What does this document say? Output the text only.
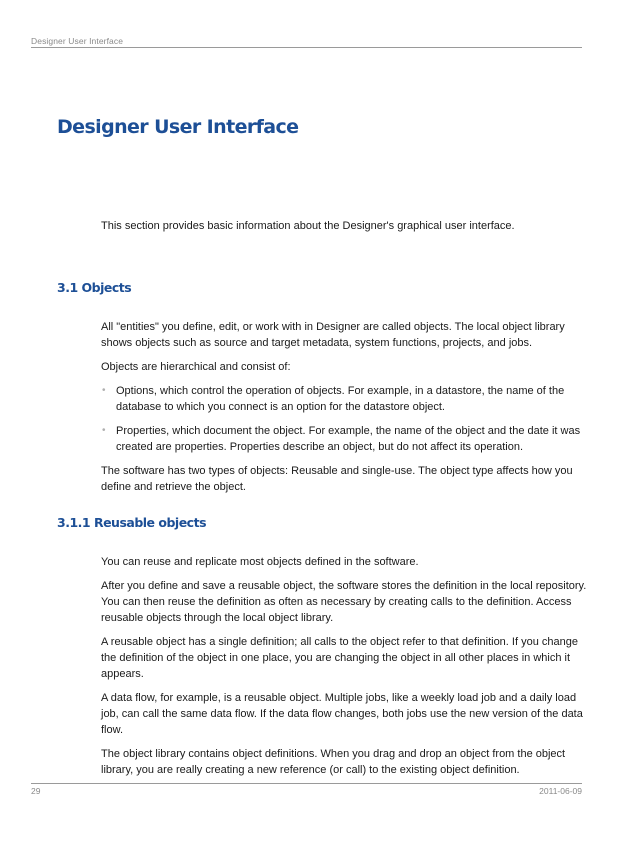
Designer User Interface
Designer User Interface

This section provides basic information about the Designer's graphical user interface.

3.1 Objects

All "entities" you define, edit, or work with in Designer are called objects. The local object library shows objects such as source and target metadata, system functions, projects, and jobs.

Objects are hierarchical and consist of:

• Options, which control the operation of objects. For example, in a datastore, the name of the database to which you connect is an option for the datastore object.
• Properties, which document the object. For example, the name of the object and the date it was created are properties. Properties describe an object, but do not affect its operation.

The software has two types of objects: Reusable and single-use. The object type affects how you define and retrieve the object.

3.1.1 Reusable objects

You can reuse and replicate most objects defined in the software.

After you define and save a reusable object, the software stores the definition in the local repository. You can then reuse the definition as often as necessary by creating calls to the definition. Access reusable objects through the local object library.

A reusable object has a single definition; all calls to the object refer to that definition. If you change the definition of the object in one place, you are changing the object in all other places in which it appears.

A data flow, for example, is a reusable object. Multiple jobs, like a weekly load job and a daily load job, can call the same data flow. If the data flow changes, both jobs use the new version of the data flow.

The object library contains object definitions. When you drag and drop an object from the object library, you are really creating a new reference (or call) to the existing object definition.

29	2011-06-09
